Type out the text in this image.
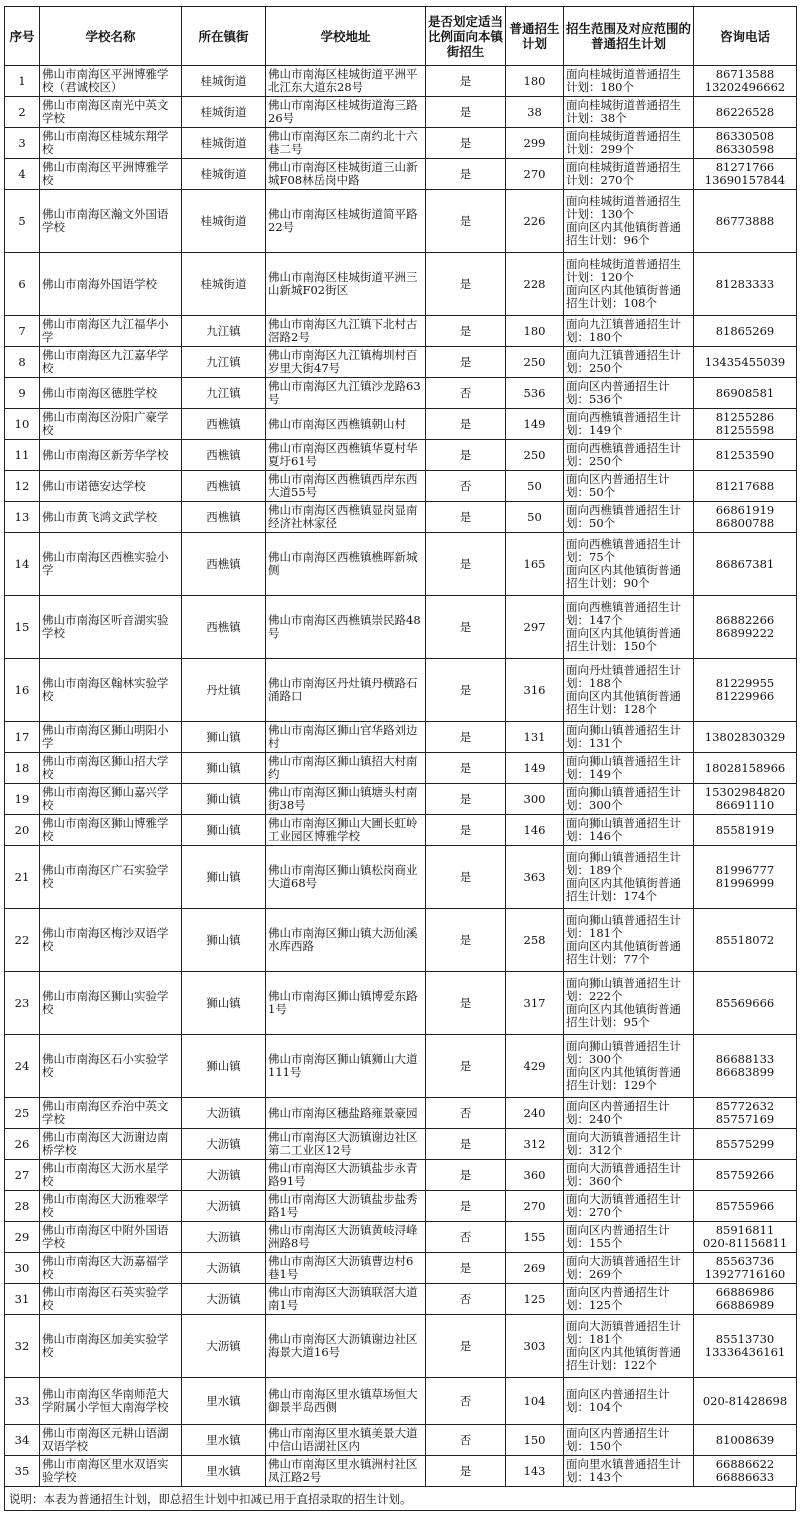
序号	学校名称	所在镇街	学校地址	是否划定适当比例面向本镇街招生	普通招生计划	招生范围及对应范围的普通招生计划	咨询电话
1	佛山市南海区平洲博雅学校（君诚校区）	桂城街道	佛山市南海区桂城街道平洲平北江东大道东28号	是	180	面向桂城街道普通招生计划：180个	86713588
13202496662
2	佛山市南海区南光中英文学校	桂城街道	佛山市南海区桂城街道海三路26号	是	38	面向桂城街道普通招生计划：38个	86226528
3	佛山市南海区桂城东翔学校	桂城街道	佛山市南海区东二南约北十六巷二号	是	299	面向桂城街道普通招生计划：299个	86330508
86330598
4	佛山市南海区平洲博雅学校	桂城街道	佛山市南海区桂城街道三山新城F08林岳岗中路	是	270	面向桂城街道普通招生计划：270个	81271766
13690157844
5	佛山市南海区瀚文外国语学校	桂城街道	佛山市南海区桂城街道简平路22号	是	226	面向桂城街道普通招生计划：130个
面向区内其他镇街普通招生计划：96个	86773888
6	佛山市南海外国语学校	桂城街道	佛山市南海区桂城街道平洲三山新城F02街区	是	228	面向桂城街道普通招生计划：120个
面向区内其他镇街普通招生计划：108个	81283333
7	佛山市南海区九江福华小学	九江镇	佛山市南海区九江镇下北村古滘路2号	是	180	面向九江镇普通招生计划：180个	81865269
8	佛山市南海区九江嘉华学校	九江镇	佛山市南海区九江镇梅圳村百岁里大街47号	是	250	面向九江镇普通招生计划：250个	13435455039
9	佛山市南海区德胜学校	九江镇	佛山市南海区九江镇沙龙路63号	否	536	面向区内普通招生计划：536个	86908581
10	佛山市南海区汾阳广豪学校	西樵镇	佛山市南海区西樵镇朝山村	是	149	面向西樵镇普通招生计划：149个	81255286
81255598
11	佛山市南海区新芳华学校	西樵镇	佛山市南海区西樵镇华夏村华夏圩61号	是	250	面向西樵镇普通招生计划：250个	81253590
12	佛山市诺德安达学校	西樵镇	佛山市南海区西樵镇西岸东西大道55号	否	50	面向区内普通招生计划：50个	81217688
13	佛山市黄飞鸿文武学校	西樵镇	佛山市南海区西樵镇显岗显南经济社林家径	是	50	面向西樵镇普通招生计划：50个	66861919
86800788
14	佛山市南海区西樵实验小学	西樵镇	佛山市南海区西樵镇樵晖新城侧	是	165	面向西樵镇普通招生计划：75个
面向区内其他镇街普通招生计划：90个	86867381
15	佛山市南海区听音湖实验学校	西樵镇	佛山市南海区西樵镇崇民路48号	是	297	面向西樵镇普通招生计划：147个
面向区内其他镇街普通招生计划：150个	86882266
86899222
16	佛山市南海区翰林实验学校	丹灶镇	佛山市南海区丹灶镇丹横路石涌路口	是	316	面向丹灶镇普通招生计划：188个
面向区内其他镇街普通招生计划：128个	81229955
81229966
17	佛山市南海区狮山明阳小学	狮山镇	佛山市南海区狮山官华路刘边村	是	131	面向狮山镇普通招生计划：131个	13802830329
18	佛山市南海区狮山招大学校	狮山镇	佛山市南海区狮山镇招大村南约	是	149	面向狮山镇普通招生计划：149个	18028158966
19	佛山市南海区狮山嘉兴学校	狮山镇	佛山市南海区狮山镇塘头村南街38号	是	300	面向狮山镇普通招生计划：300个	15302984820
86691110
20	佛山市南海区狮山博雅学校	狮山镇	佛山市南海区狮山大圃长虹岭工业园区博雅学校	是	146	面向狮山镇普通招生计划：146个	85581919
21	佛山市南海区广石实验学校	狮山镇	佛山市南海区狮山镇松岗商业大道68号	是	363	面向狮山镇普通招生计划：189个
面向区内其他镇街普通招生计划：174个	81996777
81996999
22	佛山市南海区梅沙双语学校	狮山镇	佛山市南海区狮山镇大沥仙溪水库西路	是	258	面向狮山镇普通招生计划：181个
面向区内其他镇街普通招生计划：77个	85518072
23	佛山市南海区狮山实验学校	狮山镇	佛山市南海区狮山镇博爱东路1号	是	317	面向狮山镇普通招生计划：222个
面向区内其他镇街普通招生计划：95个	85569666
24	佛山市南海区石小实验学校	狮山镇	佛山市南海区狮山镇狮山大道111号	是	429	面向狮山镇普通招生计划：300个
面向区内其他镇街普通招生计划：129个	86688133
86683899
25	佛山市南海区乔治中英文学校	大沥镇	佛山市南海区穗盐路雍景豪园	否	240	面向区内普通招生计划：240个	85772632
85757169
26	佛山市南海区大沥谢边南桥学校	大沥镇	佛山市南海区大沥镇谢边社区第二工业区12号	是	312	面向大沥镇普通招生计划：312个	85575299
27	佛山市南海区大沥水星学校	大沥镇	佛山市南海区大沥镇盐步永青路91号	是	360	面向大沥镇普通招生计划：360个	85759266
28	佛山市南海区大沥雅翠学校	大沥镇	佛山市南海区大沥镇盐步盐秀路1号	是	270	面向大沥镇普通招生计划：270个	85755966
29	佛山市南海区中附外国语学校	大沥镇	佛山市南海区大沥镇黄岐浔峰洲路8号	否	155	面向区内普通招生计划：155个	85916811
020-81156811
30	佛山市南海区大沥嘉福学校	大沥镇	佛山市南海区大沥镇曹边村6巷1号	是	269	面向大沥镇普通招生计划：269个	85563736
13927716160
31	佛山市南海区石英实验学校	大沥镇	佛山市南海区大沥镇联滘大道南1号	否	125	面向区内普通招生计划：125个	66886986
66886989
32	佛山市南海区加美实验学校	大沥镇	佛山市南海区大沥镇谢边社区海景大道16号	是	303	面向大沥镇普通招生计划：181个
面向区内其他镇街普通招生计划：122个	85513730
13336436161
33	佛山市南海区华南师范大学附属小学恒大南海学校	里水镇	佛山市南海区里水镇草场恒大御景半岛西侧	否	104	面向区内普通招生计划：104个	020-81428698
34	佛山市南海区元耕山语湖双语学校	里水镇	佛山市南海区里水镇美景大道中信山语湖社区内	否	150	面向区内普通招生计划：150个	81008639
35	佛山市南海区里水双语实验学校	里水镇	佛山市南海区里水镇洲村社区凤江路2号	是	143	面向里水镇普通招生计划：143个	66886622
66886633
说明：本表为普通招生计划，即总招生计划中扣减已用于直招录取的招生计划。
